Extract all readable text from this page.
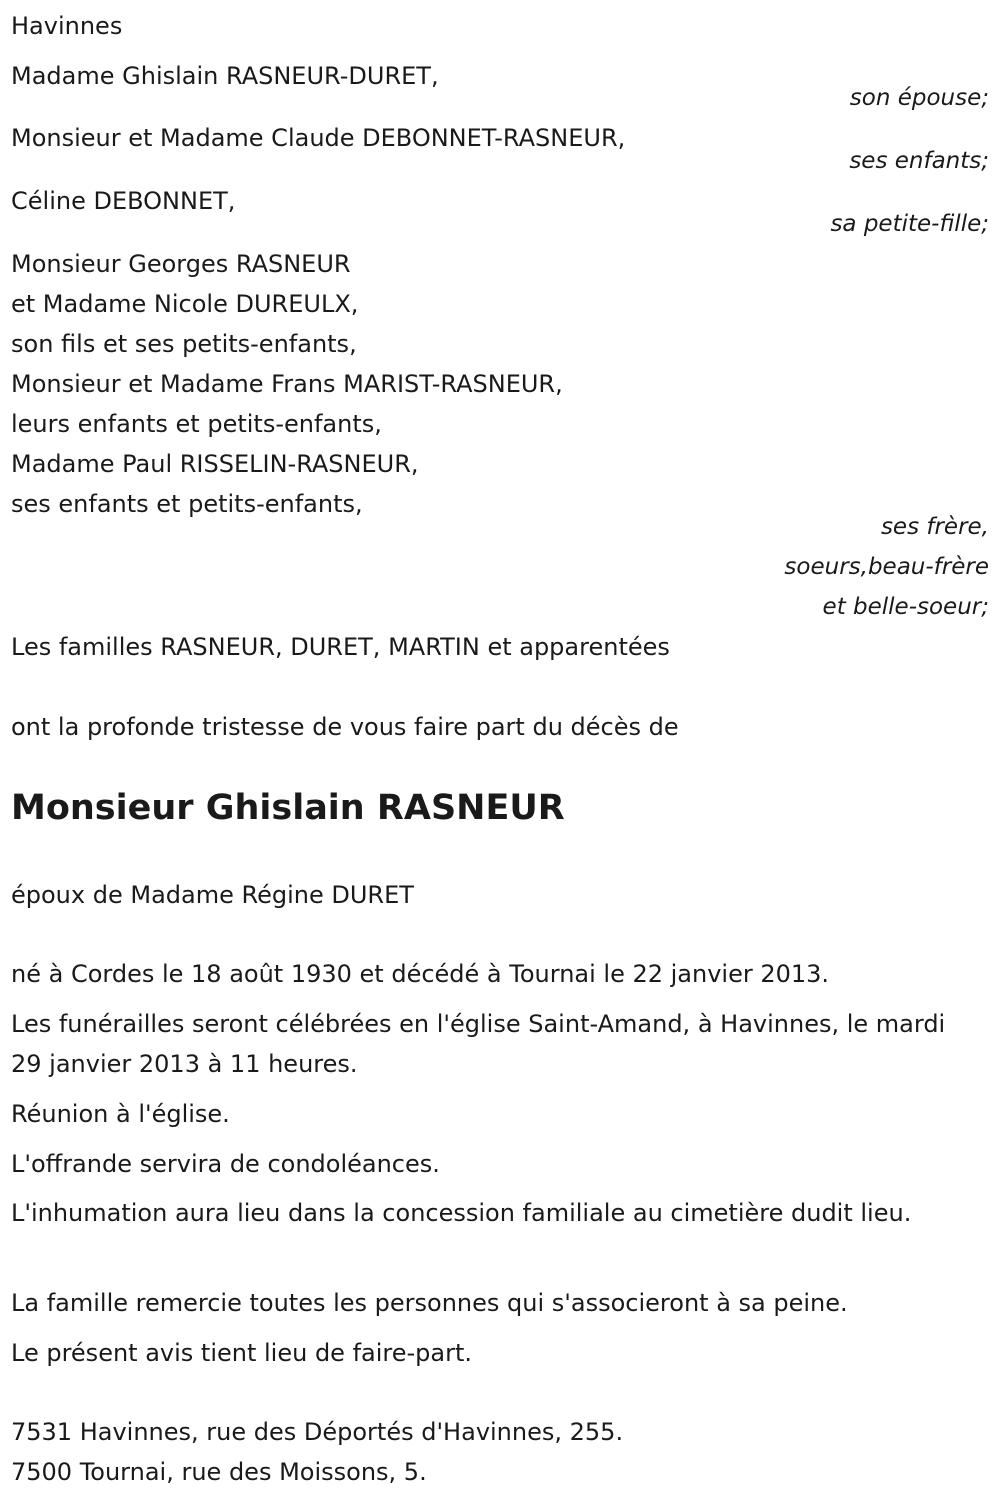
Havinnes
Madame Ghislain RASNEUR-DURET,
son épouse;
Monsieur et Madame Claude DEBONNET-RASNEUR,
ses enfants;
Céline DEBONNET,
sa petite-fille;
Monsieur Georges RASNEUR
et Madame Nicole DUREULX,
son fils et ses petits-enfants,
Monsieur et Madame Frans MARIST-RASNEUR,
leurs enfants et petits-enfants,
Madame Paul RISSELIN-RASNEUR,
ses enfants et petits-enfants,
ses frère,
soeurs,beau-frère
et belle-soeur;
Les familles RASNEUR, DURET, MARTIN et apparentées
ont la profonde tristesse de vous faire part du décès de
Monsieur Ghislain RASNEUR
époux de Madame Régine DURET
né à Cordes le 18 août 1930 et décédé à Tournai le 22 janvier 2013.
Les funérailles seront célébrées en l'église Saint-Amand, à Havinnes, le mardi 29 janvier 2013 à 11 heures.
Réunion à l'église.
L'offrande servira de condoléances.
L'inhumation aura lieu dans la concession familiale au cimetière dudit lieu.
La famille remercie toutes les personnes qui s'associeront à sa peine.
Le présent avis tient lieu de faire-part.
7531 Havinnes, rue des Déportés d'Havinnes, 255.
7500 Tournai, rue des Moissons, 5.
